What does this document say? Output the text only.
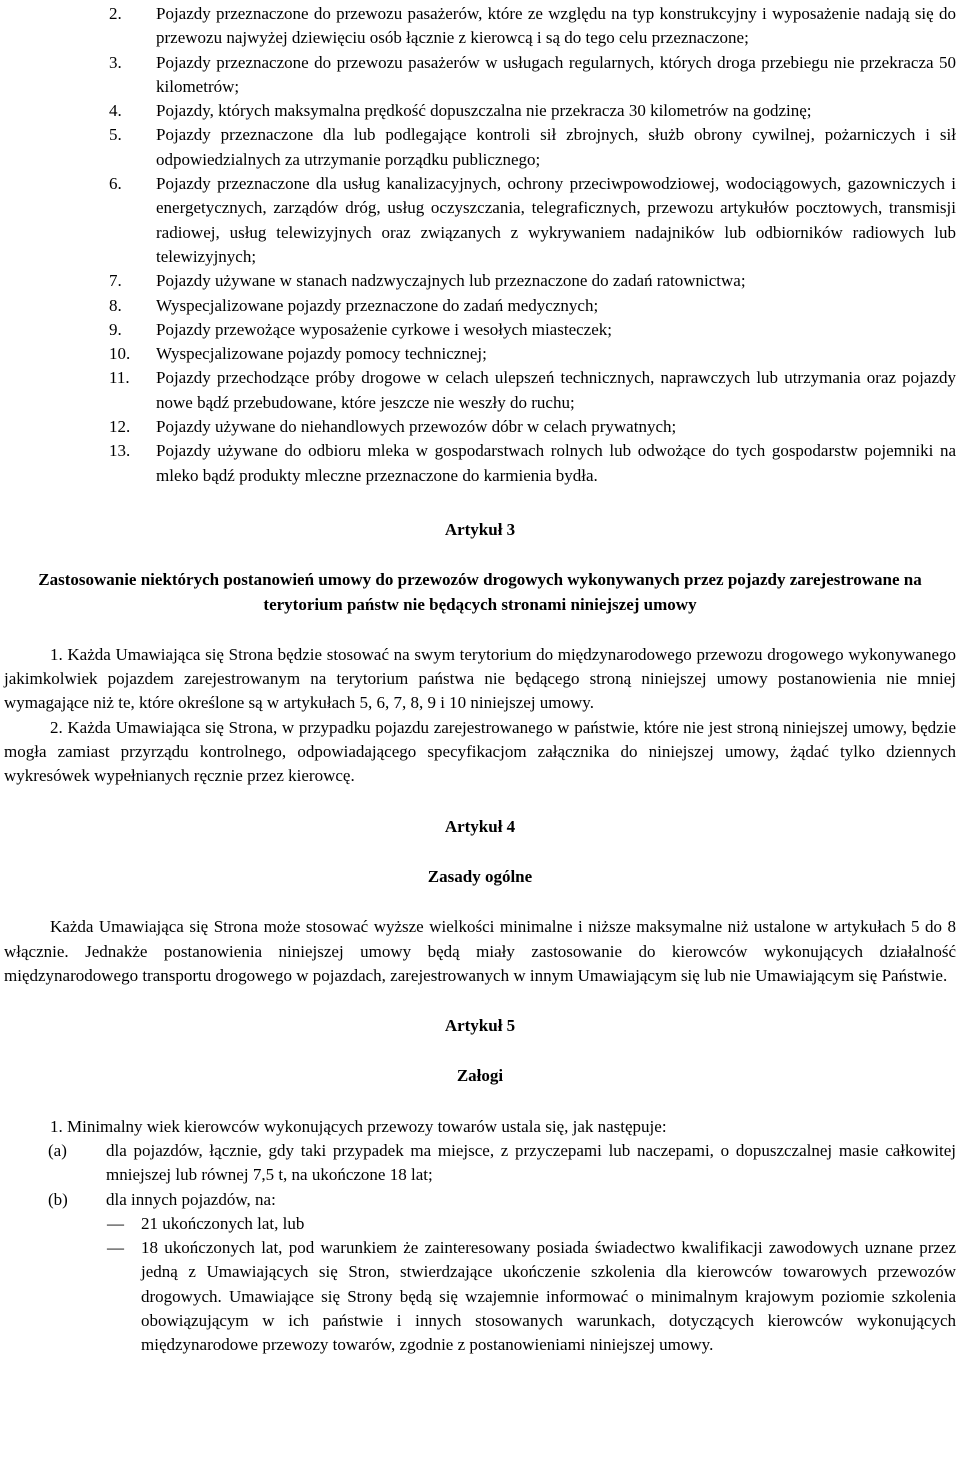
2.	Pojazdy przeznaczone do przewozu pasażerów, które ze względu na typ konstrukcyjny i wyposażenie nadają się do przewozu najwyżej dziewięciu osób łącznie z kierowcą i są do tego celu przeznaczone;
3.	Pojazdy przeznaczone do przewozu pasażerów w usługach regularnych, których droga przebiegu nie przekracza 50 kilometrów;
4.	Pojazdy, których maksymalna prędkość dopuszczalna nie przekracza 30 kilometrów na godzinę;
5.	Pojazdy przeznaczone dla lub podlegające kontroli sił zbrojnych, służb obrony cywilnej, pożarniczych i sił odpowiedzialnych za utrzymanie porządku publicznego;
6.	Pojazdy przeznaczone dla usług kanalizacyjnych, ochrony przeciwpowodziowej, wodociągowych, gazowniczych i energetycznych, zarządów dróg, usług oczyszczania, telegraficznych, przewozu artykułów pocztowych, transmisji radiowej, usług telewizyjnych oraz związanych z wykrywaniem nadajników lub odbiorników radiowych lub telewizyjnych;
7.	Pojazdy używane w stanach nadzwyczajnych lub przeznaczone do zadań ratownictwa;
8.	Wyspecjalizowane pojazdy przeznaczone do zadań medycznych;
9.	Pojazdy przewożące wyposażenie cyrkowe i wesołych miasteczek;
10.	Wyspecjalizowane pojazdy pomocy technicznej;
11.	Pojazdy przechodzące próby drogowe w celach ulepszeń technicznych, naprawczych lub utrzymania oraz pojazdy nowe bądź przebudowane, które jeszcze nie weszły do ruchu;
12.	Pojazdy używane do niehandlowych przewozów dóbr w celach prywatnych;
13.	Pojazdy używane do odbioru mleka w gospodarstwach rolnych lub odwożące do tych gospodarstw pojemniki na mleko bądź produkty mleczne przeznaczone do karmienia bydła.
Artykuł 3
Zastosowanie niektórych postanowień umowy do przewozów drogowych wykonywanych przez pojazdy zarejestrowane na terytorium państw nie będących stronami niniejszej umowy

1. Każda Umawiająca się Strona będzie stosować na swym terytorium do międzynarodowego przewozu drogowego wykonywanego jakimkolwiek pojazdem zarejestrowanym na terytorium państwa nie będącego stroną niniejszej umowy postanowienia nie mniej wymagające niż te, które określone są w artykułach 5, 6, 7, 8, 9 i 10 niniejszej umowy.

2. Każda Umawiająca się Strona, w przypadku pojazdu zarejestrowanego w państwie, które nie jest stroną niniejszej umowy, będzie mogła zamiast przyrządu kontrolnego, odpowiadającego specyfikacjom załącznika do niniejszej umowy, żądać tylko dziennych wykresówek wypełnianych ręcznie przez kierowcę.

Artykuł 4
Zasady ogólne

Każda Umawiająca się Strona może stosować wyższe wielkości minimalne i niższe maksymalne niż ustalone w artykułach 5 do 8 włącznie. Jednakże postanowienia niniejszej umowy będą miały zastosowanie do kierowców wykonujących działalność międzynarodowego transportu drogowego w pojazdach, zarejestrowanych w innym Umawiającym się lub nie Umawiającym się Państwie.

Artykuł 5
Załogi

1. Minimalny wiek kierowców wykonujących przewozy towarów ustala się, jak następuje:

(a)	dla pojazdów, łącznie, gdy taki przypadek ma miejsce, z przyczepami lub naczepami, o dopuszczalnej masie całkowitej mniejszej lub równej 7,5 t, na ukończone 18 lat;
(b)	dla innych pojazdów, na:
—	21 ukończonych lat, lub
—	18 ukończonych lat, pod warunkiem że zainteresowany posiada świadectwo kwalifikacji zawodowych uznane przez jedną z Umawiających się Stron, stwierdzające ukończenie szkolenia dla kierowców towarowych przewozów drogowych. Umawiające się Strony będą się wzajemnie informować o minimalnym krajowym poziomie szkolenia obowiązującym w ich państwie i innych stosowanych warunkach, dotyczących kierowców wykonujących międzynarodowe przewozy towarów, zgodnie z postanowieniami niniejszej umowy.
